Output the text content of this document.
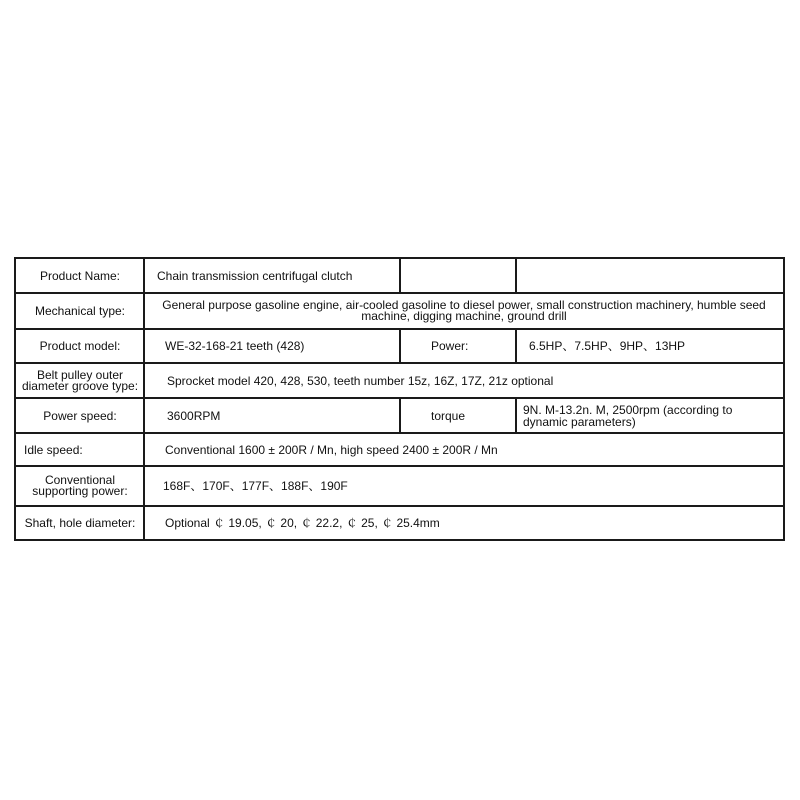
Product Name:	Chain transmission centrifugal clutch
Mechanical type:	General purpose gasoline engine, air-cooled gasoline to diesel power, small construction machinery, humble seed machine, digging machine, ground drill
Product model:	WE-32-168-21 teeth (428)	Power:	6.5HP、7.5HP、9HP、13HP
Belt pulley outer diameter groove type:	Sprocket model 420, 428, 530, teeth number 15z, 16Z, 17Z, 21z optional
Power speed:	3600RPM	torque	9N. M-13.2n. M, 2500rpm (according to dynamic parameters)
Idle speed:	Conventional 1600 ± 200R / Mn, high speed 2400 ± 200R / Mn
Conventional supporting power:	168F、170F、177F、188F、190F
Shaft, hole diameter:	Optional ￠ 19.05, ￠ 20, ￠ 22.2, ￠ 25, ￠ 25.4mm
